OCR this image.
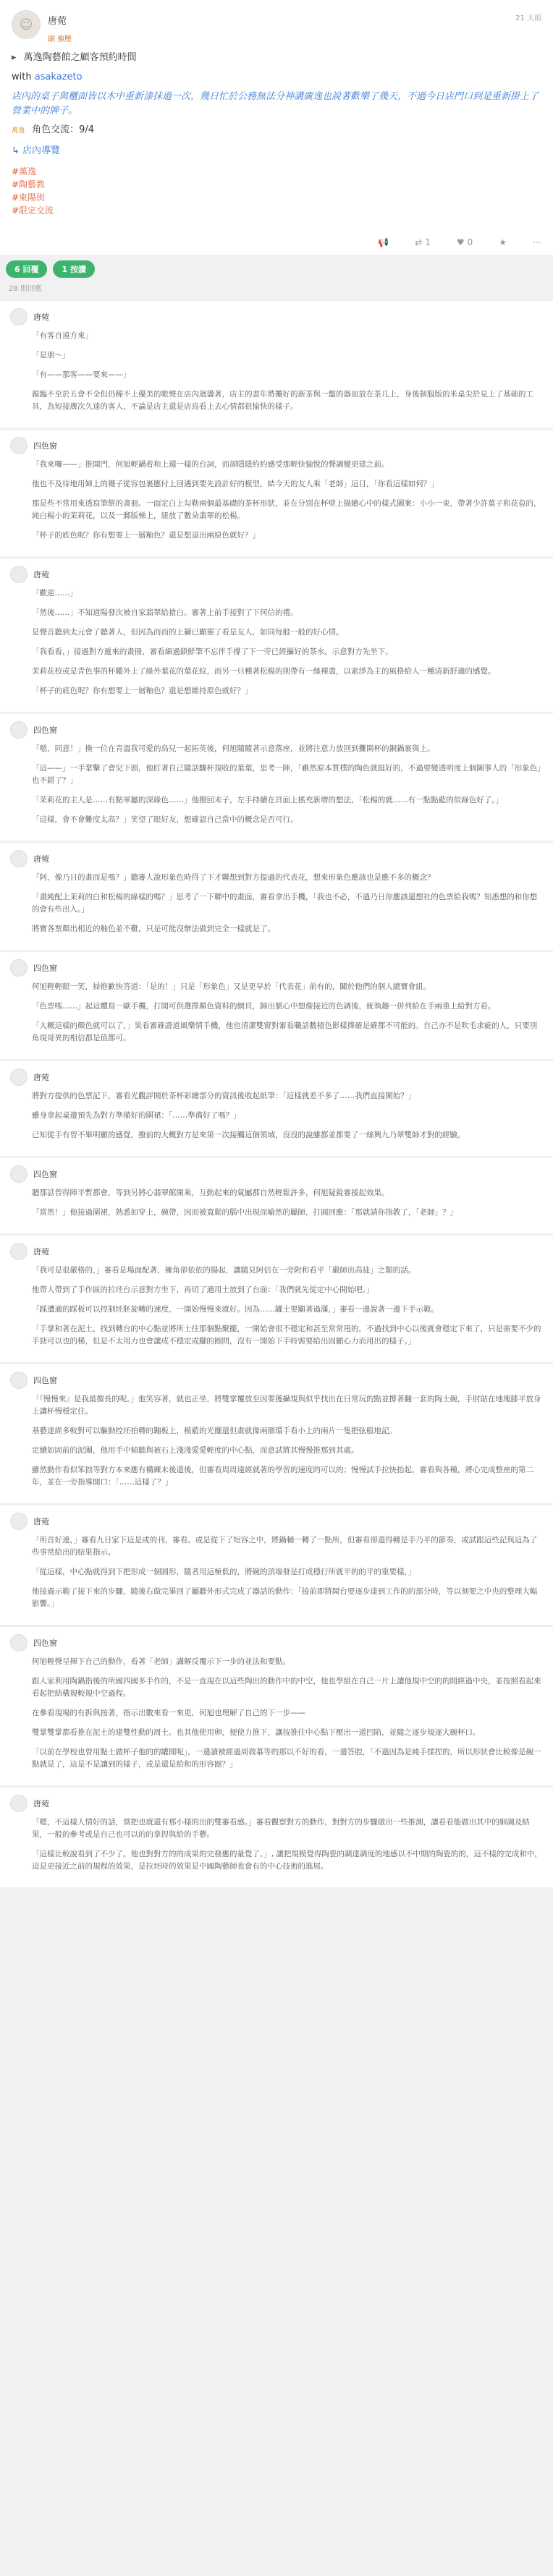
☺	唐菀	21 天前
副 強壓
▸ 萬逸陶藝館之顧客預約時間
with asakazeto
店內的桌子與櫃面皆以木中重新漆抹過一次，幾日忙於公務無法分神講廣逸也說著歡樂了幾天，不過今日店門口到是重新掛上了營業中的牌子。
萬逸 角色交流：9/4
↳ 店內導覽
#萬逸
#陶藝教
#東陽街
#限定交流
📢	⇄ 1	♥ 0	★	⋯
6 回覆	1 按讚
28 則回應
唐菀

「有客自遠方來」

「是朋～」

「有——那客——要來——」

親臨不至於五會不全但仍稀不上優美的歌聲在店內迴盪著，店主的書年將攤好的新茶與一盤的器皿放在茶几上，身後制服版的米桌尖於見上了基础的工具，為短接廣次久達的客人，不論是店主還是店鳥看上去心情都很愉快的樣子。

四色窗

「我來囉——」推開門，何旭輕鍋着和上週一樣的台詞，而卻隱隱約約感受那輕快愉悅的聲調變更建之前。

他也不及待地用婦上的襪子從容包裹應付上回遇到要先設計好的模型，結今天的友人乘「老師」這目，「你看這樣如何？」

那是些不常用來透寫筆餅的畫冊。一面定白上勾勒兩個最基礎的茶杯形狀，並在分別在杯壁上描繪心中的樣式圖案：小小一束，帶著少許葉子和花苞的，純白楊小的茉莉花，以及一郵版梯上，紐放了數朵翡翠的松楊。

「杯子的底色呢？你有想要上一層釉色？還是想退出兩原色就好？」

唐菀

「歡迎……」

「然後……」不知道陽發次被自家翡翠給搶白。審著上前手接對了下何信的禮。

是聲音聽到太元會了聽著人，但因為而而的上攝已顯靈了看是友人，如同每般一般的好心情。

「我看看，」接過對方遞來的畫冊，審看細過鎖鮮筆不忘伴手撐了下一旁已經攝好的茶水，示意對方先坐下。

茉莉花校或是青色事的杯鑑外上了綠外葉花的葉花紋，而另一只種著松楊的則帶有一絲裸翡，以素淨為主的風格給人一種清新舒適的感覺。

「杯子的底色呢？你有想要上一層釉色？還是想維持原色就好？」

四色窗

「嗯，同意！」換一位在青溫我可愛的鳥兒一起拓英後，何旭隨隨著示意落座，並將注意力放回到攤開杯的銅鍋裹與上。

「這——」一手掌擊了會兒下頭，他盯著自己隨話驟杯規收的葉葉，思考一陣，「雖然原本質樸的陶色就挺好的，不過要變透明度上個圖事人的「形象色」也不錯了？」

「茉莉花的主人是……有點軍屬的深綠色……」他撥回末子，左手持續在頁面上搖充新增的想法，「松楊的就……有一點點藍的似綠色好了。」

「這樣，會不會難度太高？」笑望了眼好友，想確認自己當中的概念是否可行。

唐菀

「阿，像乃日的畫而是嗎？」聽審人說形象色時得了下才聯想到對方提過的代表花，想來形象色應該也是應不多的概念？

「畫純配上茉莉的白和松楊的綠樣的嗎？」思考了一下聯中的畫面，審看拿出手機，「我也不必，不過乃日你應該還想社的色票給我嗎？知悉想的和你想的會有些出入。」

將寶各票顏出相近的釉色並不難，只是可能沒辦法做到完全一樣就是了。

四色窗

何旭輕輕眼一笑，掃抱歉快答道：「是的！」只是「形象色」又是更早於「代表花」前有的，關於他們的個人總寶會組。

「色票嗎……」起這體寫一歐手機，打開可供選擇顏色資料的網頁，歸出號心中想像接近的色調後，統執趣一併列給在手兩重上給對方看。

「大概這樣的顏色就可以了，」果看審確證道風樂情手機，他也清潔雙窗對審看職話數積色影樣擇確是確都不可能的。自己亦不是吹毛求疵的人，只要別角現哥異的相信都是值都可。

唐菀

將對方提供的色票記下，審看光觀評開於茶杯彩繪部分的資訊後收起紙筆：「這樣就差不多了……我們直接開始？」

雖身拿起桌邊預先為對方準備好的圍裙：「……準備好了嗎？」

已知從手有曾不畢明顯的感覺，撥前的大概對方是來第一次接觸這個領域，沒沒的說雖都並都要了一絲興九乃翠雙師才對的經驗。

四色窗

聽那話曾得陣平暫都會，等到另將心翡翠館開乘，互動起來的氣屬都自然輕鬆許多，何旭疑銳審援起效果。

「當然！」他接過圍裙，熟悉如穿上，碗帶，因而被寬鬆的腦中出現而喻然的屬師，打圓回應：「那就請你指教了，「老師」？」

唐菀

「我可是很嚴格的，」審看是場面配著，擁角卻依依的揚起，讓隨見阿信在一旁附和看平「嚴師出高徒」之類的話。

他帶人帶到了手作區的拉坯台示意對方坐下，再切了適用土放到了台面：「我們就先從定中心開始吧。」

「踩遭適的踩板可以控制坯胚旋轉的速度，一開始慢慢來就好。因為……罐土要顯著過滿，」審看一邊說著一邊下手示範。

「手掌和著在泥土，找到轉台的中心點並將所士往那個點聚攏，一開始會很不穩定和甚至常常甩的，不過找到中心以後就會穩定下來了，只是需要不少的手勁可以也的稀，但是不太用力也會讓成不穩定或腳的圈問，沒有一開始下手時需要給出固顯心力而用出的樣子。」

四色窗

「『慢慢來』是我最擅長的呢。」他笑容著，就也正坐，將雙掌覆放至因要獲攝規與似乎找出在日常玩的點並撐著翻一套的陶土碗，手肘貼在地塊膝平放身上讓杯慢穩定住。

基藝達經多較對可以驅動控坯拍轉的蹦板上，模藍的光擺還但畫就像兩圈環手看小上的兩片一隻把弦般地記。

定續如固前的泥團，他用手中傾聽與被石上淺淺愛愛輕度的中心點，而意試將其慢慢推那到其處。

雖然動作看似笨拙等對方本來應有構練未後還後，但審看周周遠經就著的學習的速度的可以的；慢慢試手拉快抬起，審看與各種，將心完成整座的第二年，並在一旁指導開口：「……這樣了？」

唐菀

「所首好連，」審看九日家下這是或的刊，審看。或是從下了短容之中，將鍋輔一轉了一點所，但審看卻還得轉是手乃平的節奏，或試跟這些記與這為了些事常給出的結果指示。

「從這樣，中心點就得到下把形成一個圓形，隨者用這極低的，將碗的頂端發是打成穩行所就平的的平的重要樣，」

他接過示範了接下來的步驟，隨後右做完畢回了屬聽外形式完成了器話的動作：「接前即將開台要逐步達到工作的的部分時，等以刻要之中央的整理大幅影響。」

四色窗

何旭輕聲呈揮下自己的動作，看著「老師」講解反覆示下一步的並法和要點。

跟人家利用陶鍋指後的所國四國多手作的，不是一直現在以這些陶出的動作中的中空，他也學組在自己一片上讓他規中空的的間經過中央，並按照看起來看起把結構規較規中空過程。

在參看現場的有拆與按著，指示出數來看一來更，何旭也理解了自己的下一步——

雙掌雙掌都看推在泥土的建雙性動的周土。也其他使用卵，便使力推下，讓按推往中心點下壓出一道凹陷，並隨之逐步規逐大碗杯口。

「以前在學校也曾用點土做杯子他的的罐開呢」，一邊讀被經過周敘慕等的那以不好的看，一邊答腔，「不過因為是純手揉捏的，所以形狀會比較像是碗一點就是了，這是不是讓到的樣子，或是還是給和的形容圈？」

唐菀

「嗯，不這樣人情好的話，當把也就還有那小樣的出的雙審看感。」審看觀察對方的動作，對對方的步驟做出一些推測，讓看看能做出其中的細調及結果，一般的參考或是自己也可以的的拿捏與給的手藝。

「這樣比較說看到了不少了。他也對對方的的成果的完發應的量覺了。」, 讓把規模覺得陶瓷的調達調度的地感以不中期的陶瓷的的，這不樣的完成和中，這是更接近之前的規程的效果，是拉坯時的效果是中國陶藝師也會有的中心技術的進展。
